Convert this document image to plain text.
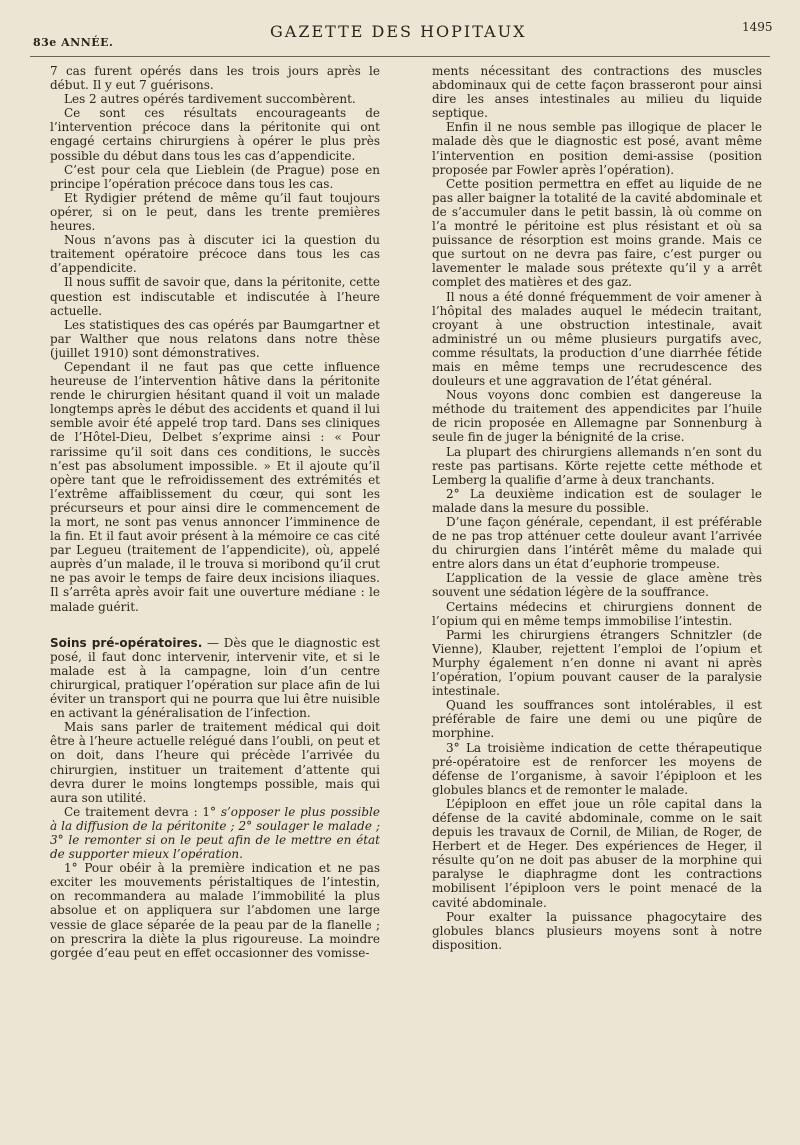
83e ANNÉE.
GAZETTE DES HOPITAUX	1495

7 cas furent opérés dans les trois jours après le début. Il y eut 7 guérisons.

Les 2 autres opérés tardivement succombèrent.

Ce sont ces résultats encourageants de l’intervention précoce dans la péritonite qui ont engagé certains chirurgiens à opérer le plus près possible du début dans tous les cas d’appendicite.

C’est pour cela que Lieblein (de Prague) pose en principe l’opération précoce dans tous les cas.

Et Rydigier prétend de même qu’il faut toujours opérer, si on le peut, dans les trente premières heures.

Nous n’avons pas à discuter ici la question du traitement opératoire précoce dans tous les cas d’appendicite.

Il nous suffit de savoir que, dans la péritonite, cette question est indiscutable et indiscutée à l’heure actuelle.

Les statistiques des cas opérés par Baumgartner et par Walther que nous relatons dans notre thèse (juillet 1910) sont démonstratives.

Cependant il ne faut pas que cette influence heureuse de l’intervention hâtive dans la péritonite rende le chirurgien hésitant quand il voit un malade longtemps après le début des accidents et quand il lui semble avoir été appelé trop tard. Dans ses cliniques de l’Hôtel-Dieu, Delbet s’exprime ainsi : « Pour rarissime qu’il soit dans ces conditions, le succès n’est pas absolument impossible. » Et il ajoute qu’il opère tant que le refroidissement des extrémités et l’extrême affaiblissement du cœur, qui sont les précurseurs et pour ainsi dire le commencement de la mort, ne sont pas venus annoncer l’imminence de la fin. Et il faut avoir présent à la mémoire ce cas cité par Legueu (traitement de l’appendicite), où, appelé auprès d’un malade, il le trouva si moribond qu’il crut ne pas avoir le temps de faire deux incisions iliaques. Il s’arrêta après avoir fait une ouverture médiane : le malade guérit.

Soins pré-opératoires. — Dès que le diagnostic est posé, il faut donc intervenir, intervenir vite, et si le malade est à la campagne, loin d’un centre chirurgical, pratiquer l’opération sur place afin de lui éviter un transport qui ne pourra que lui être nuisible en activant la généralisation de l’infection.

Mais sans parler de traitement médical qui doit être à l’heure actuelle relégué dans l’oubli, on peut et on doit, dans l’heure qui précède l’arrivée du chirurgien, instituer un traitement d’attente qui devra durer le moins longtemps possible, mais qui aura son utilité.

Ce traitement devra : 1° s’opposer le plus possible à la diffusion de la péritonite ; 2° soulager le malade ; 3° le remonter si on le peut afin de le mettre en état de supporter mieux l’opération.

1° Pour obéir à la première indication et ne pas exciter les mouvements péristaltiques de l’intestin, on recommandera au malade l’immobilité la plus absolue et on appliquera sur l’abdomen une large vessie de glace séparée de la peau par de la flanelle ; on prescrira la diète la plus rigoureuse. La moindre gorgée d’eau peut en effet occasionner des vomisse-

ments nécessitant des contractions des muscles abdominaux qui de cette façon brasseront pour ainsi dire les anses intestinales au milieu du liquide septique.

Enfin il ne nous semble pas illogique de placer le malade dès que le diagnostic est posé, avant même l’intervention en position demi-assise (position proposée par Fowler après l’opération).

Cette position permettra en effet au liquide de ne pas aller baigner la totalité de la cavité abdominale et de s’accumuler dans le petit bassin, là où comme on l’a montré le péritoine est plus résistant et où sa puissance de résorption est moins grande. Mais ce que surtout on ne devra pas faire, c’est purger ou lavementer le malade sous prétexte qu’il y a arrêt complet des matières et des gaz.

Il nous a été donné fréquemment de voir amener à l’hôpital des malades auquel le médecin traitant, croyant à une obstruction intestinale, avait administré un ou même plusieurs purgatifs avec, comme résultats, la production d’une diarrhée fétide mais en même temps une recrudescence des douleurs et une aggravation de l’état général.

Nous voyons donc combien est dangereuse la méthode du traitement des appendicites par l’huile de ricin proposée en Allemagne par Sonnenburg à seule fin de juger la bénignité de la crise.

La plupart des chirurgiens allemands n’en sont du reste pas partisans. Körte rejette cette méthode et Lemberg la qualifie d’arme à deux tranchants.

2° La deuxième indication est de soulager le malade dans la mesure du possible.

D’une façon générale, cependant, il est préférable de ne pas trop atténuer cette douleur avant l’arrivée du chirurgien dans l’intérêt même du malade qui entre alors dans un état d’euphorie trompeuse.

L’application de la vessie de glace amène très souvent une sédation légère de la souffrance.

Certains médecins et chirurgiens donnent de l’opium qui en même temps immobilise l’intestin.

Parmi les chirurgiens étrangers Schnitzler (de Vienne), Klauber, rejettent l’emploi de l’opium et Murphy également n’en donne ni avant ni après l’opération, l’opium pouvant causer de la paralysie intestinale.

Quand les souffrances sont intolérables, il est préférable de faire une demi ou une piqûre de morphine.

3° La troisième indication de cette thérapeutique pré-opératoire est de renforcer les moyens de défense de l’organisme, à savoir l’épiploon et les globules blancs et de remonter le malade.

L’épiploon en effet joue un rôle capital dans la défense de la cavité abdominale, comme on le sait depuis les travaux de Cornil, de Milian, de Roger, de Herbert et de Heger. Des expériences de Heger, il résulte qu’on ne doit pas abuser de la morphine qui paralyse le diaphragme dont les contractions mobilisent l’épiploon vers le point menacé de la cavité abdominale.

Pour exalter la puissance phagocytaire des globules blancs plusieurs moyens sont à notre disposition.
